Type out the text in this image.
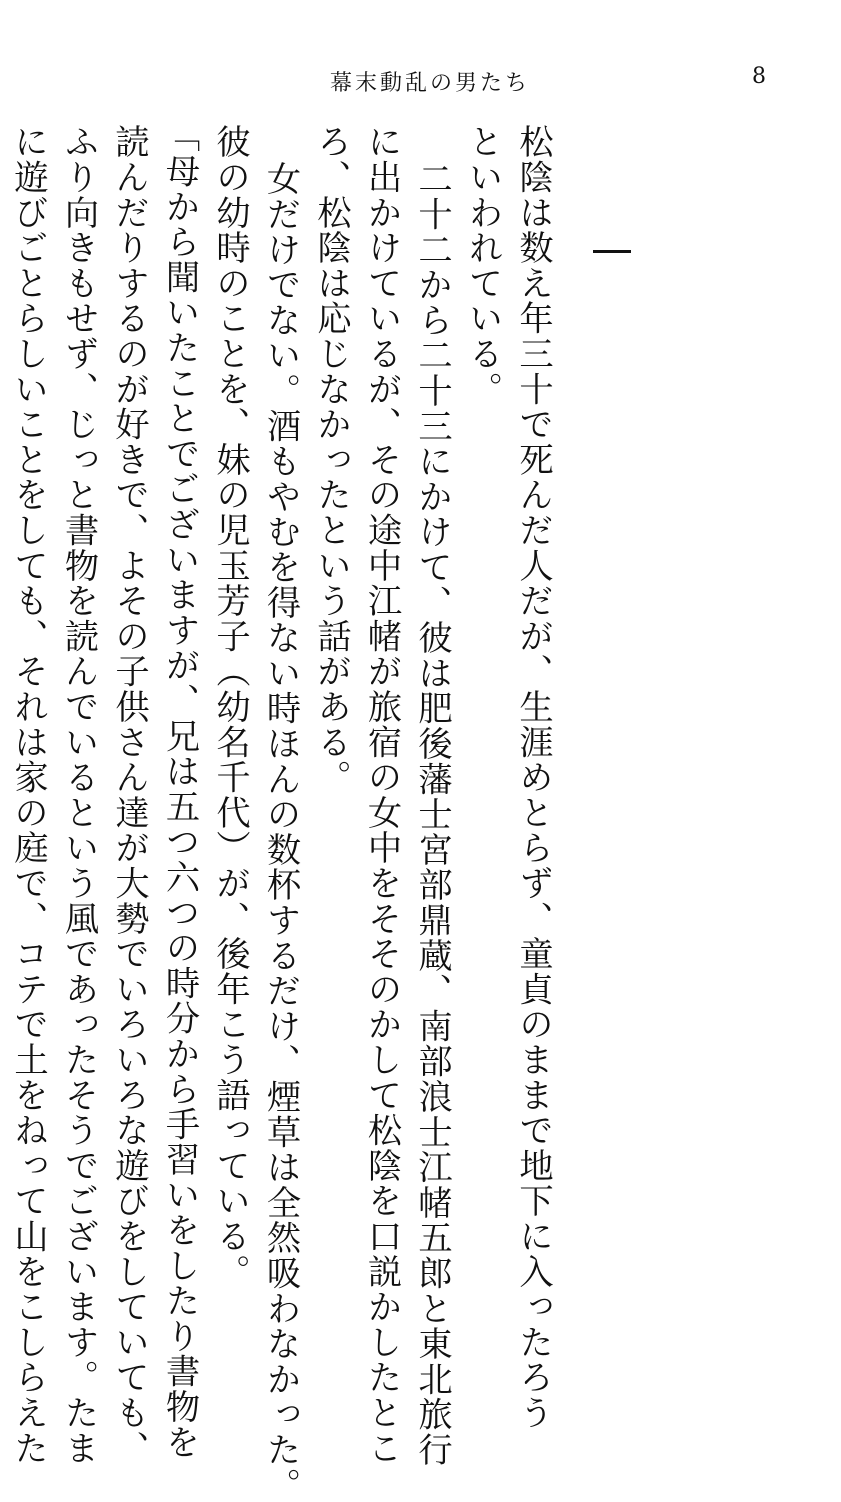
幕末動乱の男たち	8
松陰は数え年三十で死んだ人だが、生涯めとらず、童貞のままで地下に入ったろう
といわれている。
二十二から二十三にかけて、彼は肥後藩士宮部鼎蔵、南部浪士江帾五郎と東北旅行
に出かけているが、その途中江帾が旅宿の女中をそそのかして松陰を口説かしたとこ
ろ、松陰は応じなかったという話がある。
女だけでない。酒もやむを得ない時ほんの数杯するだけ、煙草は全然吸わなかった。
彼の幼時のことを、妹の児玉芳子（幼名千代）が、後年こう語っている。
「母から聞いたことでございますが、兄は五つ六つの時分から手習いをしたり書物を
読んだりするのが好きで、よその子供さん達が大勢でいろいろな遊びをしていても、
ふり向きもせず、じっと書物を読んでいるという風であったそうでございます。たま
に遊びごとらしいことをしても、それは家の庭で、コテで土をねって山をこしらえた
